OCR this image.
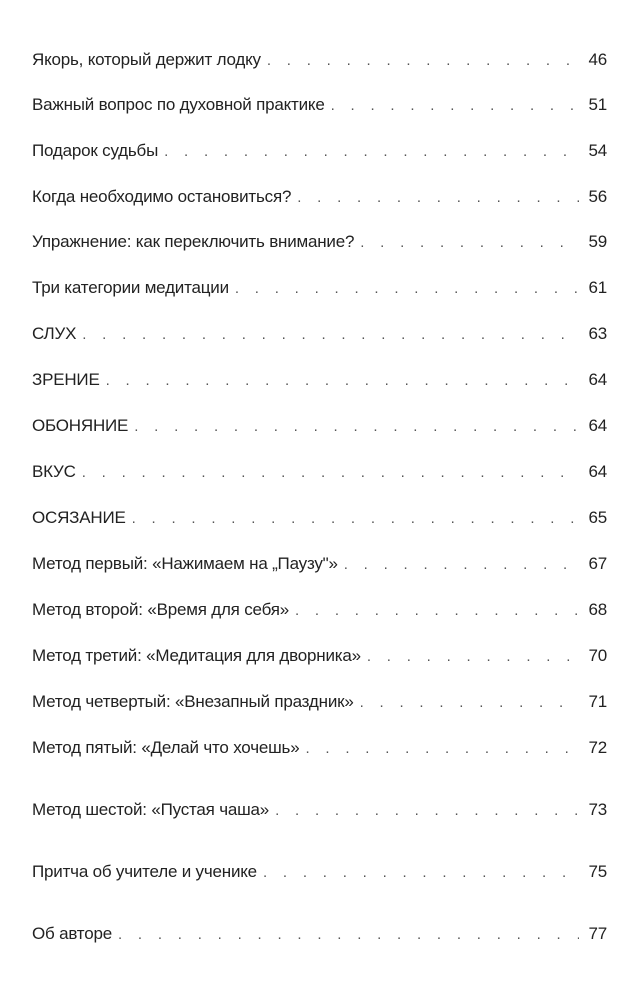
Якорь, который держит лодку . . .	46
Важный вопрос по духовной практике . . .	51
Подарок судьбы . . .	54
Когда необходимо остановиться? . . .	56
Упражнение: как переключить внимание? . . .	59
Три категории медитации . . .	61
СЛУХ . . .	63
ЗРЕНИЕ . . .	64
ОБОНЯНИЕ . . .	64
ВКУС . . .	64
ОСЯЗАНИЕ . . .	65
Метод первый: «Нажимаем на „Паузу"» . . .	67
Метод второй: «Время для себя» . . .	68
Метод третий: «Медитация для дворника» . . .	70
Метод четвертый: «Внезапный праздник» . . .	71
Метод пятый: «Делай что хочешь» . . .	72
Метод шестой: «Пустая чаша» . . .	73
Притча об учителе и ученике . . .	75
Об авторе . . .	77
